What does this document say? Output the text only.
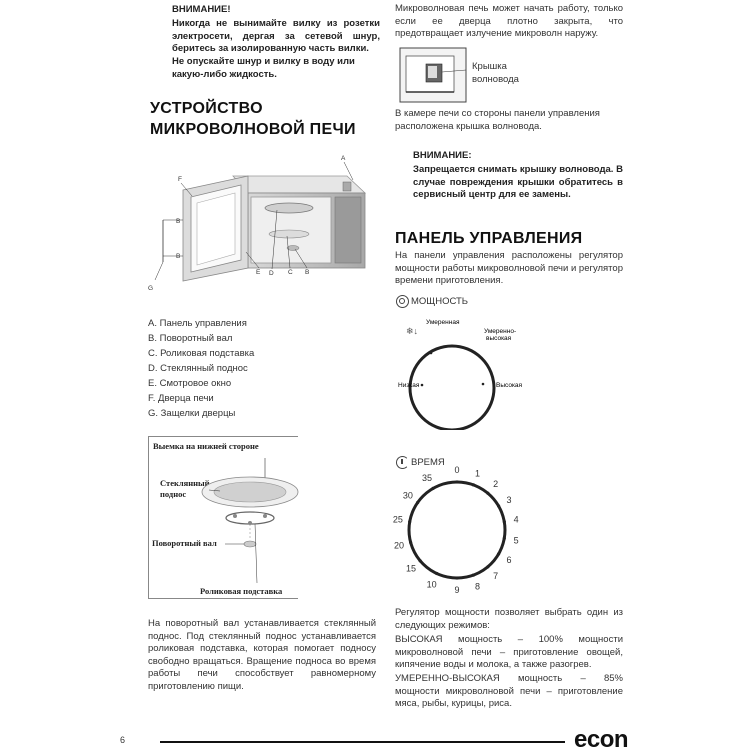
ВНИМАНИЕ!
Никогда не вынимайте вилку из розетки электросети, дергая за сетевой шнур, беритесь за изолированную часть вилки.
Не опускайте шнур и вилку в воду или какую-либо жидкость.
УСТРОЙСТВО
МИКРОВОЛНОВОЙ ПЕЧИ
A
F
B
B
G
E D C B
A. Панель управления
B. Поворотный вал
C. Роликовая подставка
D. Стеклянный поднос
E. Смотровое окно
F. Дверца печи
G. Защелки дверцы
Выемка на нижней стороне
Стеклянный
поднос
Поворотный вал
Роликовая подставка
На поворотный вал устанавливается стеклянный поднос. Под стеклянный поднос устанавливается роликовая подставка, которая помогает подносу свободно вращаться. Вращение подноса во время работы печи способствует равномерному приготовлению пищи.
Микроволновая печь может начать работу, только если ее дверца плотно закрыта, что предотвращает излучение микроволн наружу.
Крышка
волновода
В камере печи со стороны панели управления расположена крышка волновода.
ВНИМАНИЕ:
Запрещается снимать крышку волновода. В случае повреждения крышки обратитесь в сервисный центр для ее замены.
ПАНЕЛЬ УПРАВЛЕНИЯ
На панели управления расположены регулятор мощности работы микроволновой печи и регулятор времени приготовления.
МОЩНОСТЬ
❄↓
Низкая
Умеренная
Умеренно-
высокая
Высокая
ВРЕМЯ
0 1
2
3
4
5
6
7
8
9
10
15
20
25
30
35
Регулятор мощности позволяет выбрать один из следующих режимов:
ВЫСОКАЯ мощность – 100% мощности микроволновой печи – приготовление овощей, кипячение воды и молока, а также разогрев.
УМЕРЕННО-ВЫСОКАЯ мощность – 85% мощности микроволновой печи – приготовление мяса, рыбы, курицы, риса.
6	econ
